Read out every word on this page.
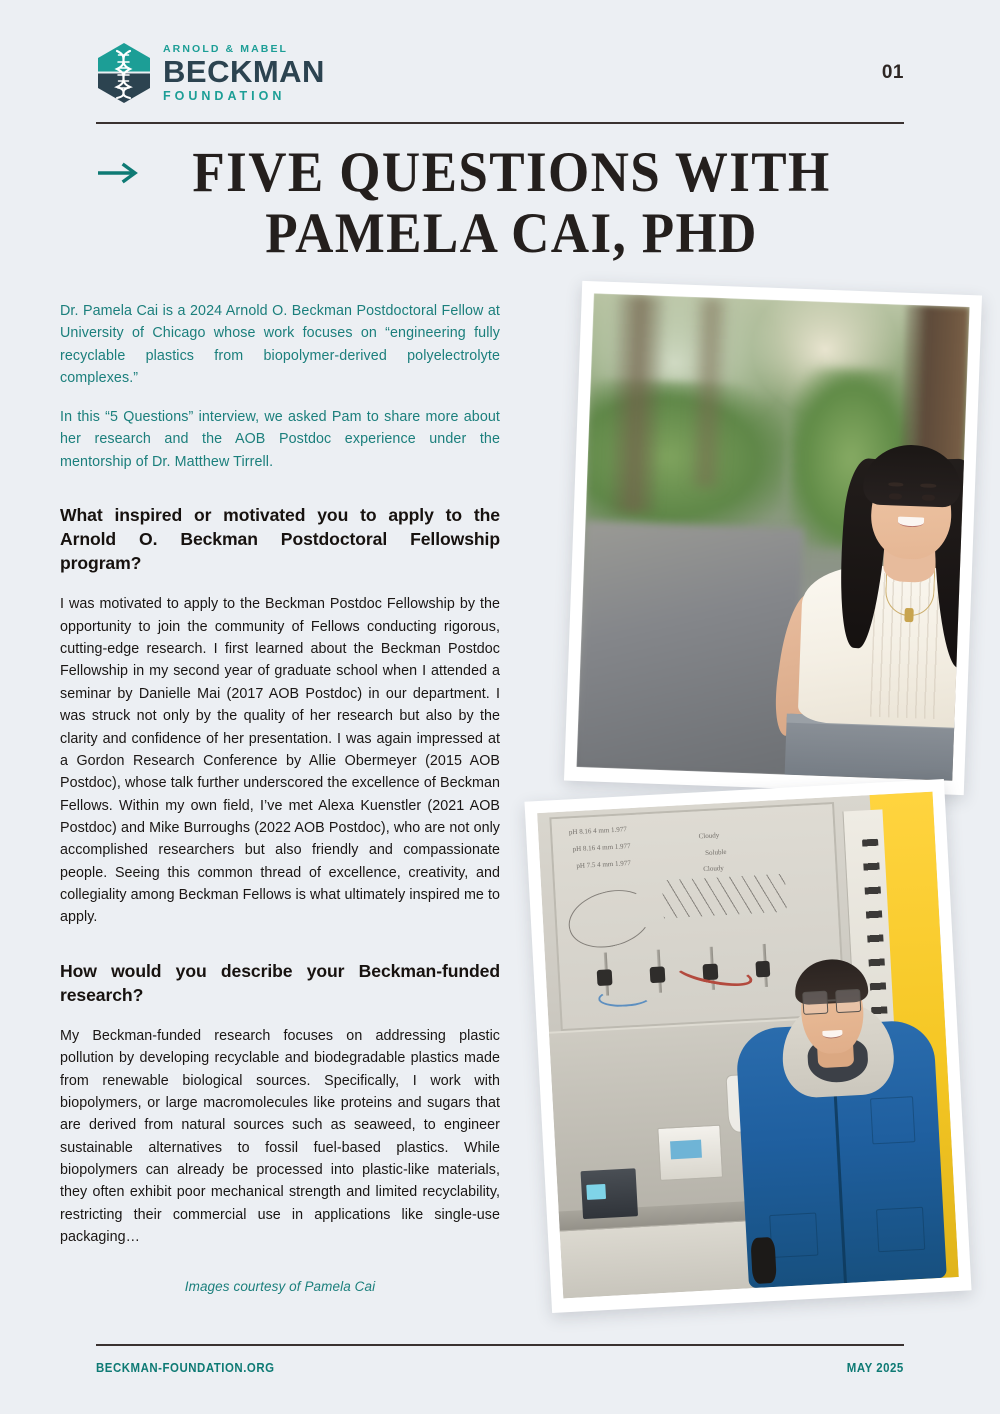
ARNOLD & MABEL
BECKMAN
FOUNDATION
01
FIVE QUESTIONS WITH
PAMELA CAI, PHD

Dr. Pamela Cai is a 2024 Arnold O. Beckman Postdoctoral Fellow at University of Chicago whose work focuses on “engineering fully recyclable plastics from biopolymer-derived polyelectrolyte complexes.”

In this “5 Questions” interview, we asked Pam to share more about her research and the AOB Postdoc experience under the mentorship of Dr. Matthew Tirrell.

What inspired or motivated you to apply to the Arnold O. Beckman Postdoctoral Fellowship program?

I was motivated to apply to the Beckman Postdoc Fellowship by the opportunity to join the community of Fellows conducting rigorous, cutting-edge research. I first learned about the Beckman Postdoc Fellowship in my second year of graduate school when I attended a seminar by Danielle Mai (2017 AOB Postdoc) in our department. I was struck not only by the quality of her research but also by the clarity and confidence of her presentation. I was again impressed at a Gordon Research Conference by Allie Obermeyer (2015 AOB Postdoc), whose talk further underscored the excellence of Beckman Fellows. Within my own field, I’ve met Alexa Kuenstler (2021 AOB Postdoc) and Mike Burroughs (2022 AOB Postdoc), who are not only accomplished researchers but also friendly and compassionate people. Seeing this common thread of excellence, creativity, and collegiality among Beckman Fellows is what ultimately inspired me to apply.

How would you describe your Beckman-funded research?

My Beckman-funded research focuses on addressing plastic pollution by developing recyclable and biodegradable plastics made from renewable biological sources. Specifically, I work with biopolymers, or large macromolecules like proteins and sugars that are derived from natural sources such as seaweed, to engineer sustainable alternatives to fossil fuel-based plastics. While biopolymers can already be processed into plastic-like materials, they often exhibit poor mechanical strength and limited recyclability, restricting their commercial use in applications like single-use packaging…

Images courtesy of Pamela Cai
pH 8.16 4 mm 1.977
pH 8.16 4 mm 1.977
pH 7.5 4 mm 1.977
Cloudy
Soluble
Cloudy
BECKMAN-FOUNDATION.ORG	MAY 2025
